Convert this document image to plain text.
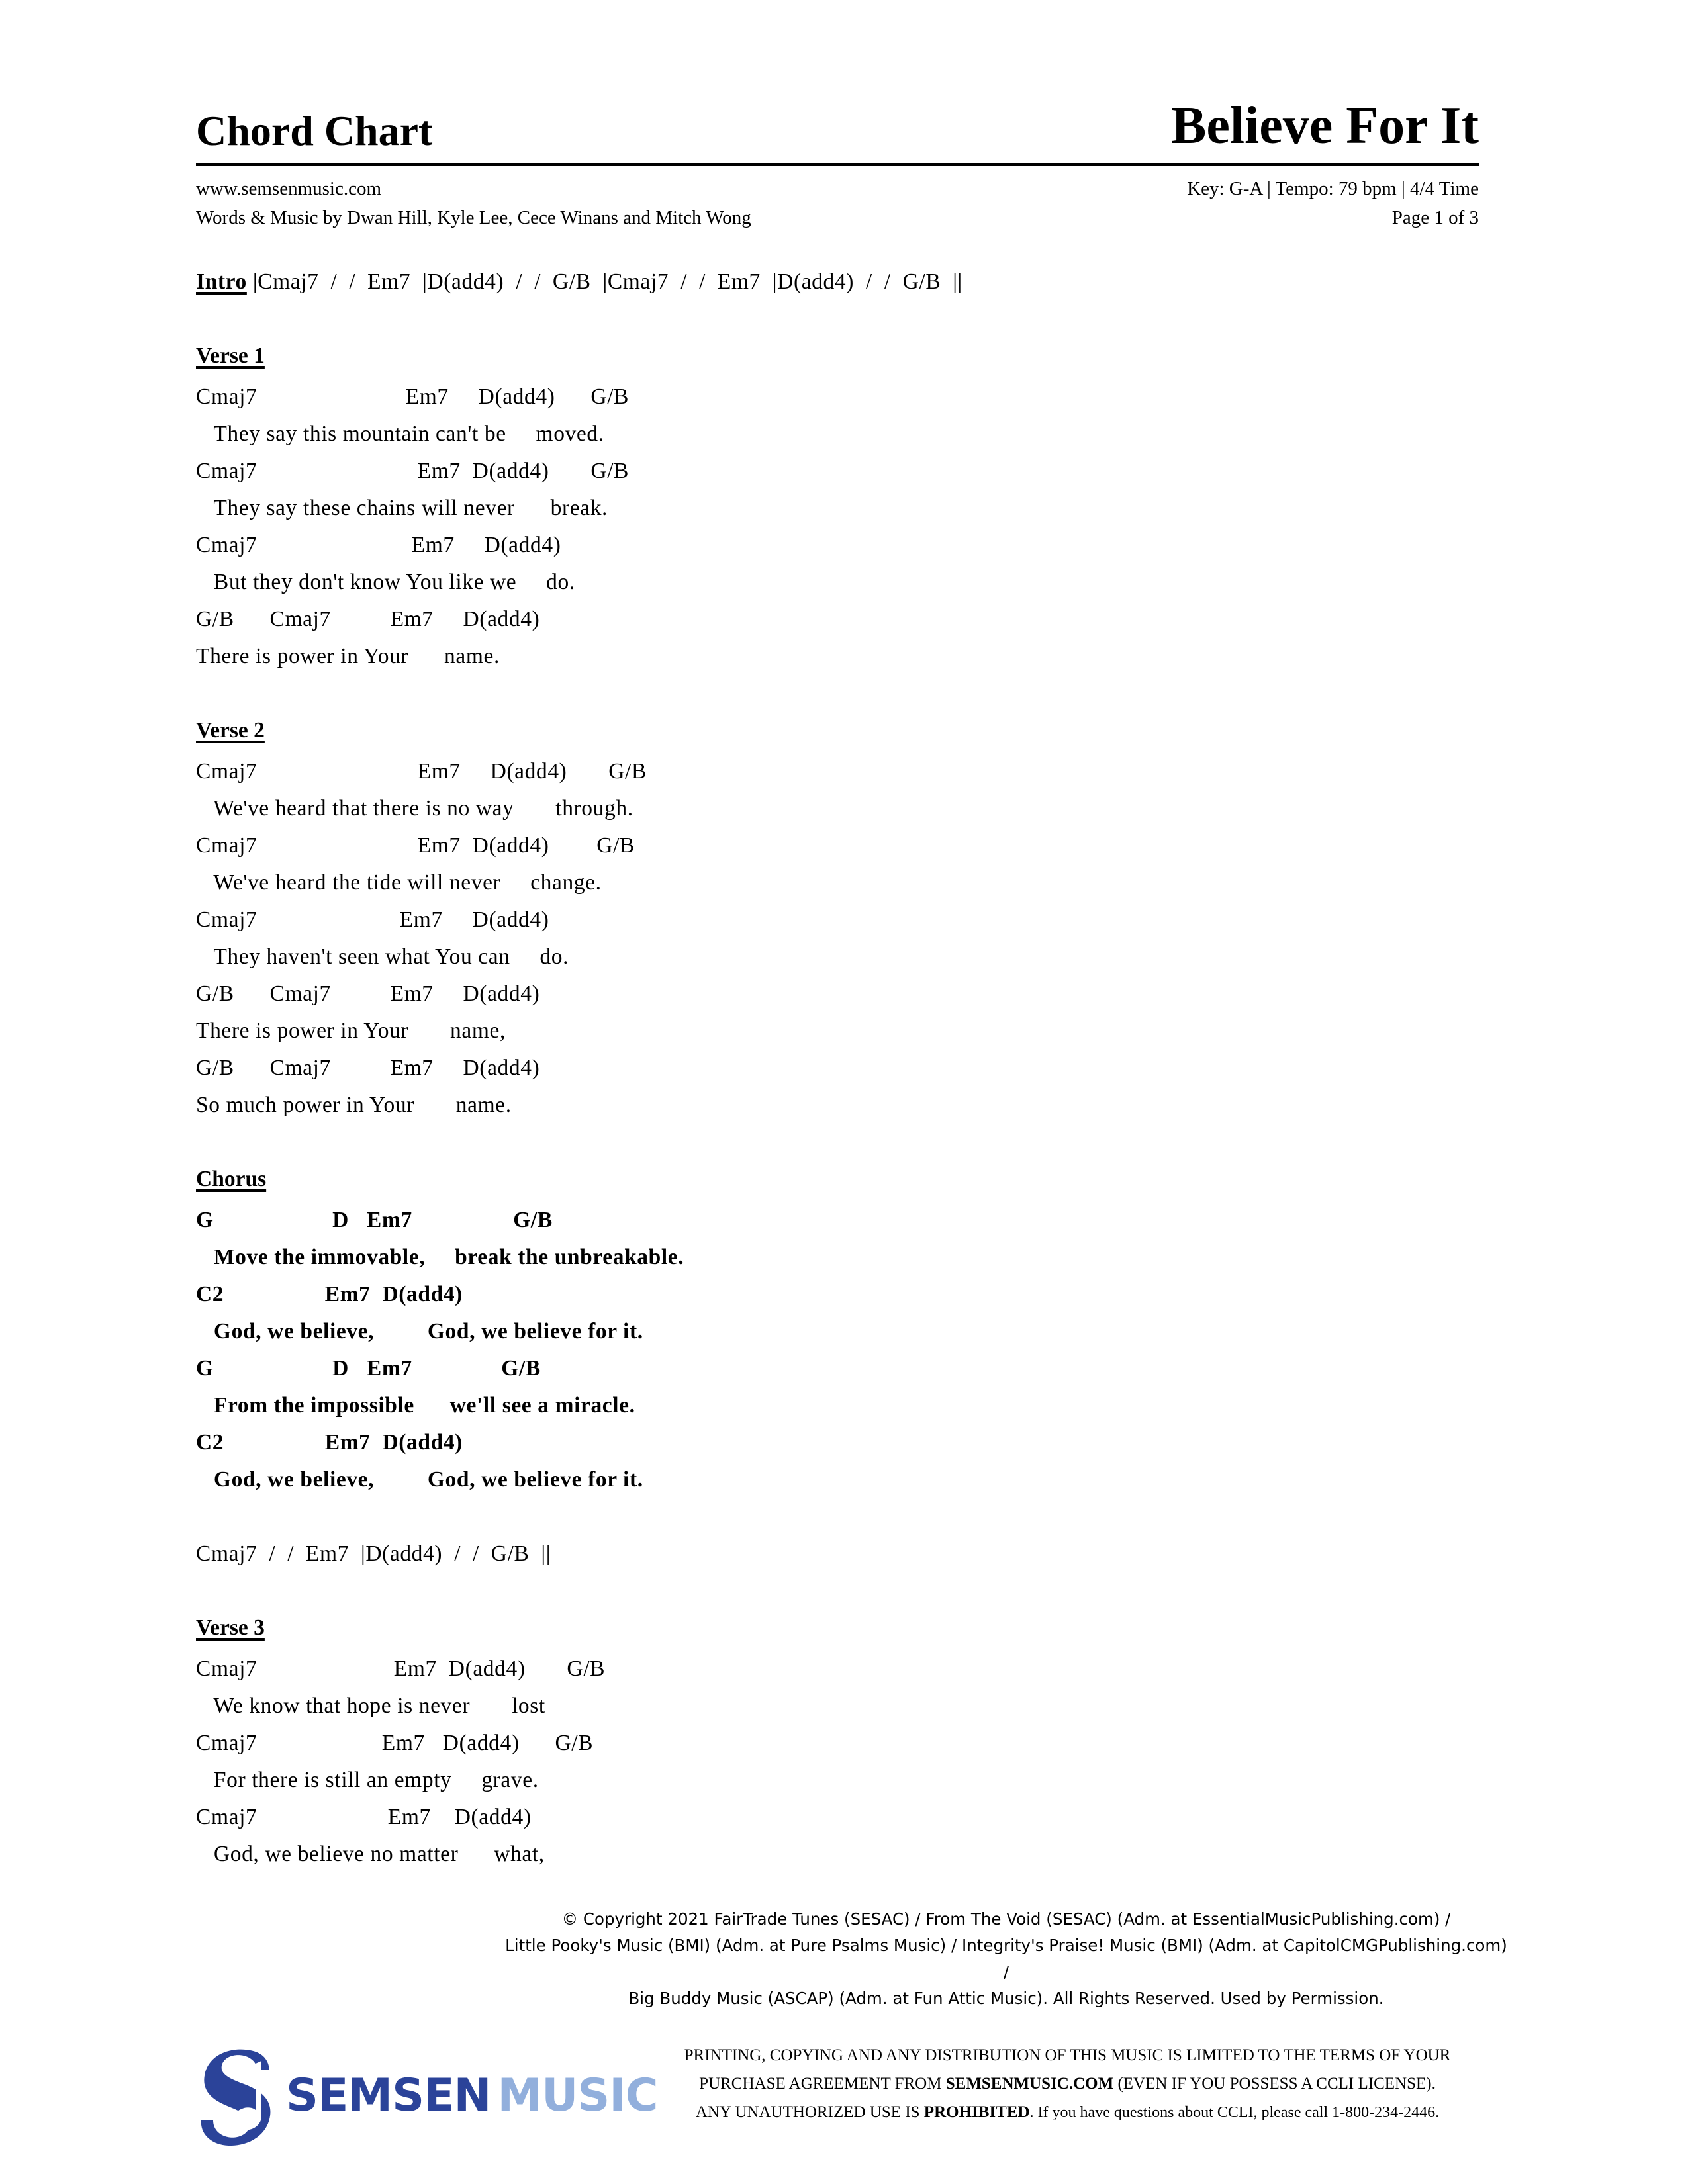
Chord Chart	Believe For It
www.semsenmusic.com
Words & Music by Dwan Hill, Kyle Lee, Cece Winans and Mitch Wong
Key: G-A | Tempo: 79 bpm | 4/4 Time
Page 1 of 3
Intro |Cmaj7  /  /  Em7  |D(add4)  /  /  G/B  |Cmaj7  /  /  Em7  |D(add4)  /  /  G/B  ||
Verse 1
Cmaj7                         Em7     D(add4)      G/B
They say this mountain can't be     moved.
Cmaj7                           Em7  D(add4)       G/B
They say these chains will never      break.
Cmaj7                          Em7     D(add4)
But they don't know You like we     do.
G/B      Cmaj7          Em7     D(add4)
There is power in Your      name.
Verse 2
Cmaj7                           Em7     D(add4)       G/B
We've heard that there is no way       through.
Cmaj7                           Em7  D(add4)        G/B
We've heard the tide will never     change.
Cmaj7                        Em7     D(add4)
They haven't seen what You can     do.
G/B      Cmaj7          Em7     D(add4)
There is power in Your       name,
G/B      Cmaj7          Em7     D(add4)
So much power in Your       name.
Chorus
G                    D   Em7                 G/B
Move the immovable,     break the unbreakable.
C2                 Em7  D(add4)
God, we believe,         God, we believe for it.
G                    D   Em7               G/B
From the impossible      we'll see a miracle.
C2                 Em7  D(add4)
God, we believe,         God, we believe for it.
Cmaj7  /  /  Em7  |D(add4)  /  /  G/B  ||
Verse 3
Cmaj7                       Em7  D(add4)       G/B
We know that hope is never       lost
Cmaj7                     Em7   D(add4)      G/B
For there is still an empty     grave.
Cmaj7                      Em7    D(add4)
God, we believe no matter      what,
© Copyright 2021 FairTrade Tunes (SESAC) / From The Void (SESAC) (Adm. at EssentialMusicPublishing.com) /
Little Pooky's Music (BMI) (Adm. at Pure Psalms Music) / Integrity's Praise! Music (BMI) (Adm. at CapitolCMGPublishing.com) /
Big Buddy Music (ASCAP) (Adm. at Fun Attic Music). All Rights Reserved. Used by Permission.
SEMSEN MUSIC
PRINTING, COPYING AND ANY DISTRIBUTION OF THIS MUSIC IS LIMITED TO THE TERMS OF YOUR
PURCHASE AGREEMENT FROM SEMSENMUSIC.COM (EVEN IF YOU POSSESS A CCLI LICENSE).
ANY UNAUTHORIZED USE IS PROHIBITED. If you have questions about CCLI, please call 1-800-234-2446.
